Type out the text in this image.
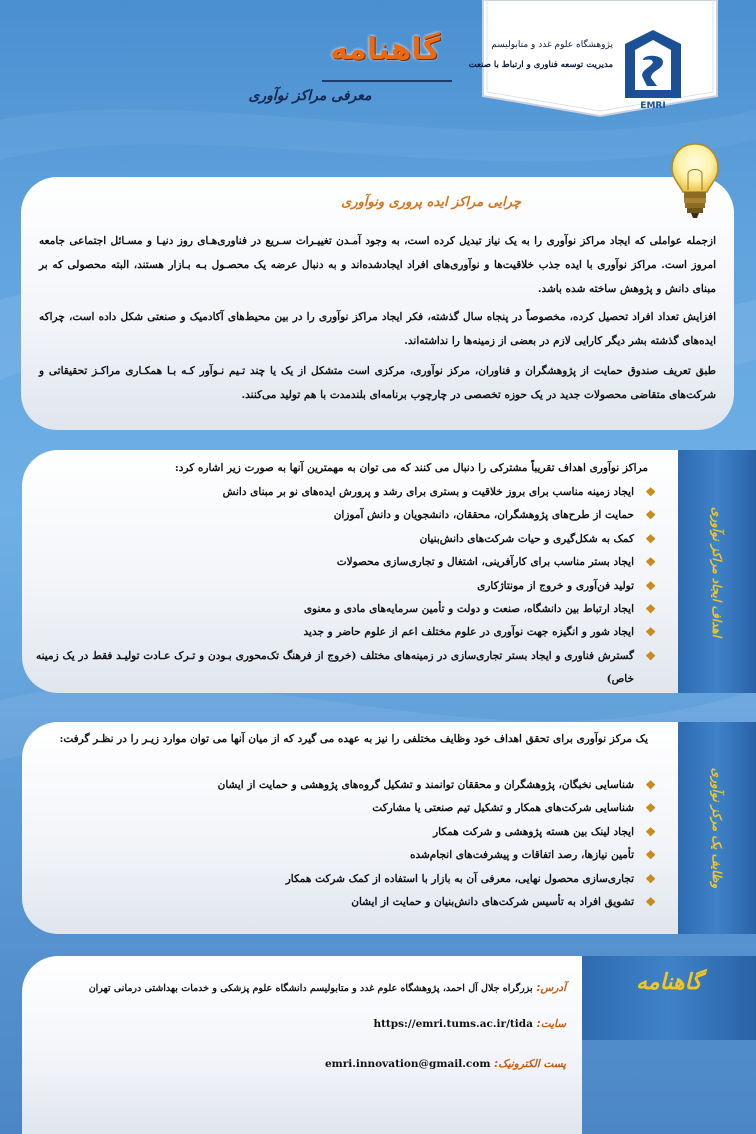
EMRI
پژوهشگاه علوم غدد و متابولیسم
مدیریت توسعه فناوری و ارتباط با صنعت
گاهنامه
معرفی مراکز نوآوری
چرایی مراکز ایده پروری ونوآوری
ازجمله عواملی که ایجاد مراکز نوآوری را به یک نیاز تبدیل کرده است، به وجود آمـدن تغییـرات سـریع در فناوری‌هـای روز دنیـا و مسـائل اجتماعی جامعه امروز است. مراکز نوآوری با ایده جذب خلاقیت‌ها و نوآوری‌های افراد ایجادشده‌اند و به دنبال عرضه یک محصـول بـه بـازار هستند، البته محصولی که بر مبنای دانش و پژوهش ساخته شده باشد.
افزایش تعداد افراد تحصیل کرده، مخصوصاً در پنجاه سال گذشته، فکر ایجاد مراکز نوآوری را در بین محیط‌های آکادمیک و صنعتی شکل داده است، چراکه ایده‌های گذشته بشر دیگر کارایی لازم در بعضی از زمینه‌ها را نداشته‌اند.
طبق تعریف صندوق حمایت از پژوهشگران و فناوران، مرکز نوآوری، مرکزی است متشکل از یک یا چند تـیم نـوآور کـه بـا همکـاری مراکـز تحقیقاتی و شرکت‌های متقاضی محصولات جدید در یک حوزه تخصصی در چارچوب برنامه‌ای بلندمدت با هم تولید می‌کنند.
مراکز نوآوری اهداف تقریباً مشترکی را دنبال می کنند که می توان به مهمترین آنها به صورت زیر اشاره کرد:
❖
ایجاد زمینه مناسب برای بروز خلاقیت و بستری برای رشد و پرورش ایده‌های نو بر مبنای دانش
❖
حمایت از طرح‌های پژوهشگران، محققان، دانشجویان و دانش آموزان
❖
کمک به شکل‌گیری و حیات شرکت‌های دانش‌بنیان
❖
ایجاد بستر مناسب برای کارآفرینی، اشتغال و تجاری‌سازی محصولات
❖
تولید فن‌آوری و خروج از مونتاژکاری
❖
ایجاد ارتباط بین دانشگاه، صنعت و دولت و تأمین سرمایه‌های مادی و معنوی
❖
ایجاد شور و انگیزه جهت نوآوری در علوم مختلف اعم از علوم حاضر و جدید
❖
گسترش فناوری و ایجاد بستر تجاری‌سازی در زمینه‌های مختلف (خروج از فرهنگ تک‌محوری بـودن و تـرک عـادت تولیـد فقط در یک زمینه خاص)
اهداف ایجاد مراکز نوآوری
یک مرکز نوآوری برای تحقق اهداف خود وظایف مختلفی را نیز به عهده می گیرد که از میان آنها می توان موارد زیـر را در نظـر گرفت:
❖
شناسایی نخبگان، پژوهشگران و محققان توانمند و تشکیل گروه‌های پژوهشی و حمایت از ایشان
❖
شناسایی شرکت‌های همکار و تشکیل تیم صنعتی یا مشارکت
❖
ایجاد لینک بین هسته پژوهشی و شرکت همکار
❖
تأمین نیازها، رصد اتفاقات و پیشرفت‌های انجام‌شده
❖
تجاری‌سازی محصول نهایی، معرفی آن به بازار با استفاده از کمک شرکت همکار
❖
تشویق افراد به تأسیس شرکت‌های دانش‌بنیان و حمایت از ایشان
وظایف یک مرکز نوآوری
آدرس: بزرگراه جلال آل احمد، پژوهشگاه علوم غدد و متابولیسم دانشگاه علوم پزشکی و خدمات بهداشتی درمانی تهران
سایت: https://emri.tums.ac.ir/tida
پست الکترونیک: emri.innovation@gmail.com
گاهنامه
